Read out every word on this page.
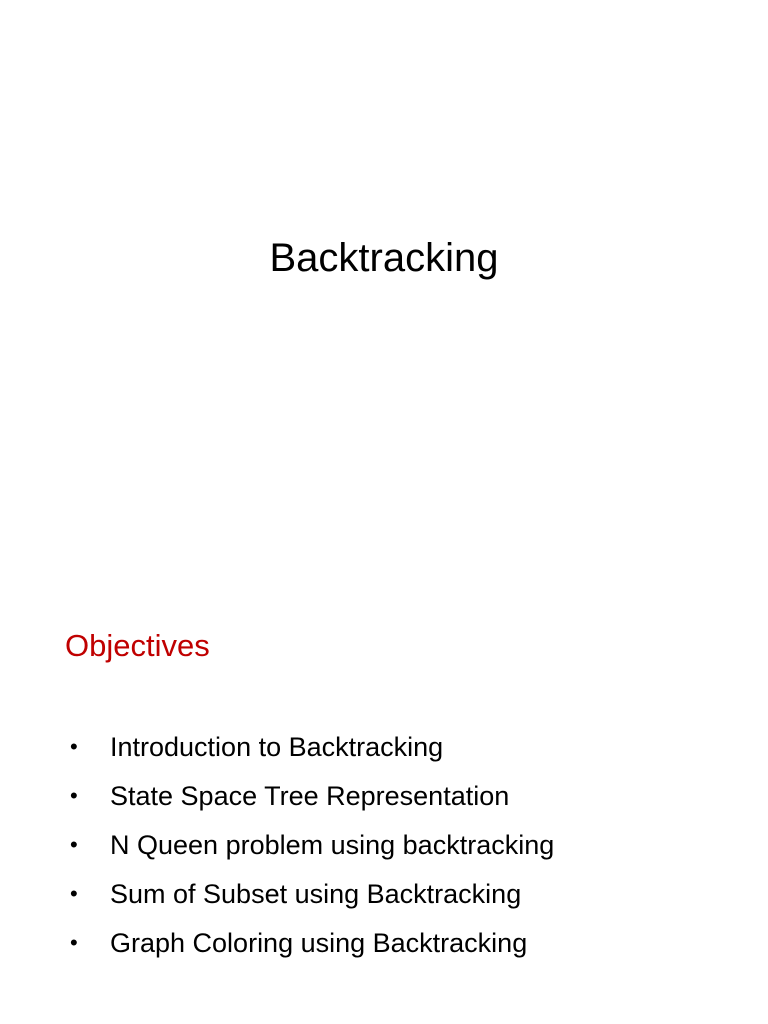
Backtracking
Objectives
•	Introduction to Backtracking
•	State Space Tree Representation
•	N Queen problem using backtracking
•	Sum of Subset using Backtracking
•	Graph Coloring using Backtracking
